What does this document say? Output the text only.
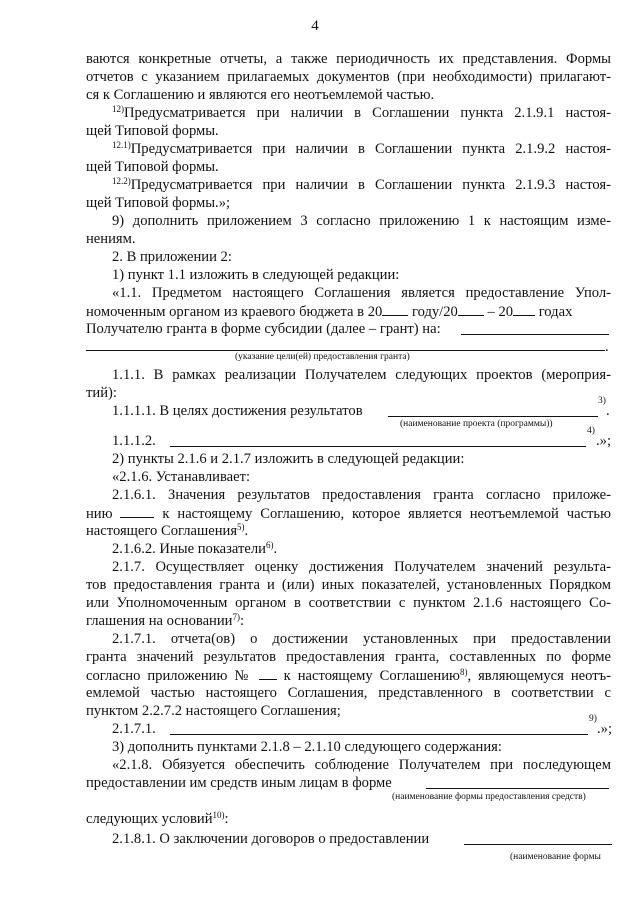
4
ваются конкретные отчеты, а также периодичность их представления. Формы
отчетов с указанием прилагаемых документов (при необходимости) прилагают-
ся к Соглашению и являются его неотъемлемой частью.
$^{12)}$Предусматривается при наличии в Соглашении пункта 2.1.9.1 настоя-
щей Типовой формы.
$^{12.1)}$Предусматривается при наличии в Соглашении пункта 2.1.9.2 настоя-
щей Типовой формы.
$^{12.2)}$Предусматривается при наличии в Соглашении пункта 2.1.9.3 настоя-
щей Типовой формы.»;
9) дополнить приложением 3 согласно приложению 1 к настоящим изме-
нениям.
2. В приложении 2:
1) пункт 1.1 изложить в следующей редакции:
«1.1. Предметом настоящего Соглашения является предоставление Упол-
номоченным органом из краевого бюджета в 20 году/20 – 20 годах
Получателю гранта в форме субсидии (далее – грант) на:
.
(указание цели(ей) предоставления гранта)
1.1.1. В рамках реализации Получателем следующих проектов (мероприя-
тий):
1.1.1.1. В целях достижения результатов
3)
.
(наименование проекта (программы))
1.1.1.2.
4)
.»;
2) пункты 2.1.6 и 2.1.7 изложить в следующей редакции:
«2.1.6. Устанавливает:
2.1.6.1. Значения результатов предоставления гранта согласно приложе-
нию	к настоящему Соглашению, которое является неотъемлемой частью
настоящего Соглашения$^{5)}$.
2.1.6.2. Иные показатели$^{6)}$.
2.1.7. Осуществляет оценку достижения Получателем значений результа-
тов предоставления гранта и (или) иных показателей, установленных Порядком
или Уполномоченным органом в соответствии с пунктом 2.1.6 настоящего Со-
глашения на основании$^{7)}$:
2.1.7.1. отчета(ов) о достижении установленных при предоставлении
гранта значений результатов предоставления гранта, составленных по форме
согласно приложению № к настоящему Соглашению$^{8)}$, являющемуся неотъ-
емлемой частью настоящего Соглашения, представленного в соответствии с
пунктом 2.2.7.2 настоящего Соглашения;
2.1.7.1.
9)
.»;
3) дополнить пунктами 2.1.8 – 2.1.10 следующего содержания:
«2.1.8. Обязуется обеспечить соблюдение Получателем при последующем
предоставлении им средств иным лицам в форме
(наименование формы предоставления средств)
следующих условий$^{10)}$:
2.1.8.1. О заключении договоров о предоставлении
(наименование формы
